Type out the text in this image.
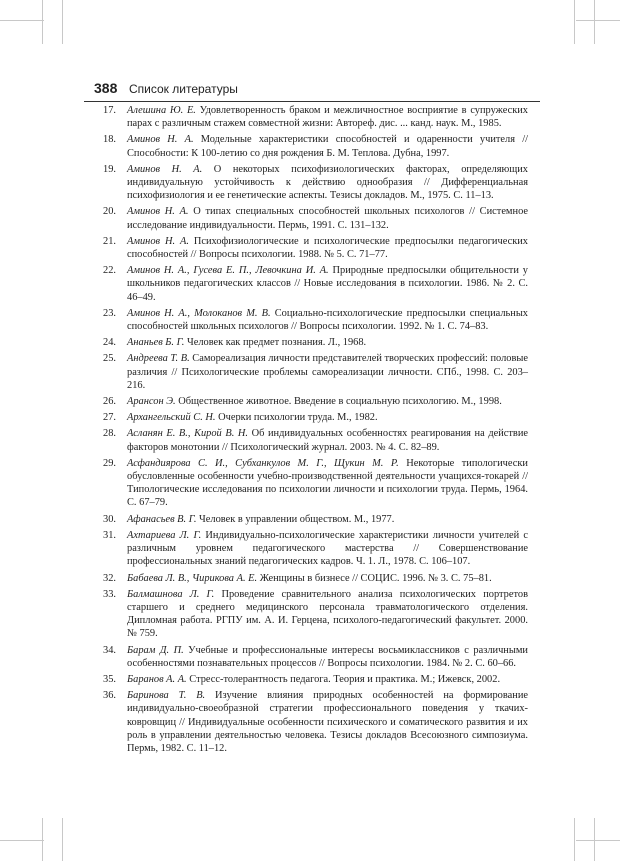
388 Список литературы
17. Алешина Ю. Е. Удовлетворенность браком и межличностное восприятие в супружеских парах с различным стажем совместной жизни: Автореф. дис. ... канд. наук. М., 1985.
18. Аминов Н. А. Модельные характеристики способностей и одаренности учителя // Способности: К 100-летию со дня рождения Б. М. Теплова. Дубна, 1997.
19. Аминов Н. А. О некоторых психофизиологических факторах, определяющих индивидуальную устойчивость к действию однообразия // Дифференциальная психофизиология и ее генетические аспекты. Тезисы докладов. М., 1975. С. 11–13.
20. Аминов Н. А. О типах специальных способностей школьных психологов // Системное исследование индивидуальности. Пермь, 1991. С. 131–132.
21. Аминов Н. А. Психофизиологические и психологические предпосылки педагогических способностей // Вопросы психологии. 1988. № 5. С. 71–77.
22. Аминов Н. А., Гусева Е. П., Левочкина И. А. Природные предпосылки общительности у школьников педагогических классов // Новые исследования в психологии. 1986. № 2. С. 46–49.
23. Аминов Н. А., Молоканов М. В. Социально-психологические предпосылки специальных способностей школьных психологов // Вопросы психологии. 1992. № 1. С. 74–83.
24. Ананьев Б. Г. Человек как предмет познания. Л., 1968.
25. Андреева Т. В. Самореализация личности представителей творческих профессий: половые различия // Психологические проблемы самореализации личности. СПб., 1998. С. 203–216.
26. Арансон Э. Общественное животное. Введение в социальную психологию. М., 1998.
27. Архангельский С. Н. Очерки психологии труда. М., 1982.
28. Асланян Е. В., Кирой В. Н. Об индивидуальных особенностях реагирования на действие факторов монотонии // Психологический журнал. 2003. № 4. С. 82–89.
29. Асфандиярова С. И., Субханкулов М. Г., Щукин М. Р. Некоторые типологически обусловленные особенности учебно-производственной деятельности учащихся-токарей // Типологические исследования по психологии личности и психологии труда. Пермь, 1964. С. 67–79.
30. Афанасьев В. Г. Человек в управлении обществом. М., 1977.
31. Ахтариева Л. Г. Индивидуально-психологические характеристики личности учителей с различным уровнем педагогического мастерства // Совершенствование профессиональных знаний педагогических кадров. Ч. 1. Л., 1978. С. 106–107.
32. Бабаева Л. В., Чирикова А. Е. Женщины в бизнесе // СОЦИС. 1996. № 3. С. 75–81.
33. Балмашнова Л. Г. Проведение сравнительного анализа психологических портретов старшего и среднего медицинского персонала травматологического отделения. Дипломная работа. РГПУ им. А. И. Герцена, психолого-педагогический факультет. 2000. № 759.
34. Барам Д. П. Учебные и профессиональные интересы восьмиклассников с различными особенностями познавательных процессов // Вопросы психологии. 1984. № 2. С. 60–66.
35. Баранов А. А. Стресс-толерантность педагога. Теория и практика. М.; Ижевск, 2002.
36. Баринова Т. В. Изучение влияния природных особенностей на формирование индивидуально-своеобразной стратегии профессионального поведения у ткачих-ковровщиц // Индивидуальные особенности психического и соматического развития и их роль в управлении деятельностью человека. Тезисы докладов Всесоюзного симпозиума. Пермь, 1982. С. 11–12.
